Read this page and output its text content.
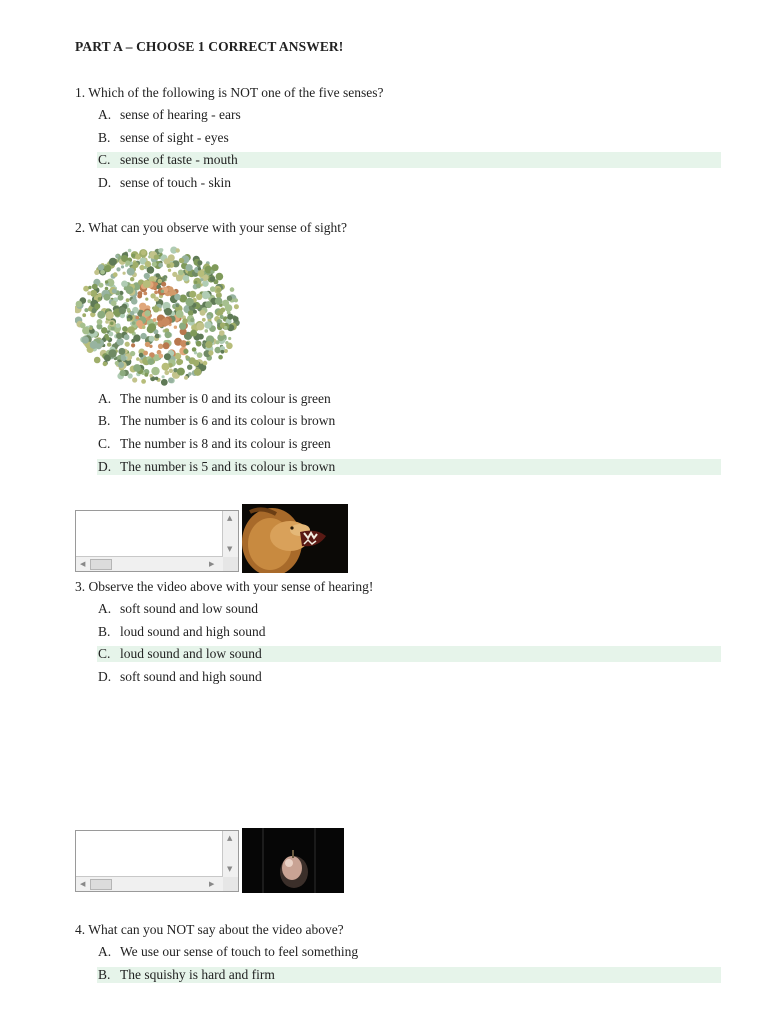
PART A – CHOOSE 1 CORRECT ANSWER!
1. Which of the following is NOT one of the five senses?
A. sense of hearing - ears
B. sense of sight - eyes
C. sense of taste - mouth
D. sense of touch - skin
2. What can you observe with your sense of sight?
A. The number is 0 and its colour is green
B. The number is 6 and its colour is brown
C. The number is 8 and its colour is green
D. The number is 5 and its colour is brown
▲
▼
◀	▶
3. Observe the video above with your sense of hearing!
A. soft sound and low sound
B. loud sound and high sound
C. loud sound and low sound
D. soft sound and high sound
▲
▼
◀	▶
4. What can you NOT say about the video above?
A. We use our sense of touch to feel something
B. The squishy is hard and firm
